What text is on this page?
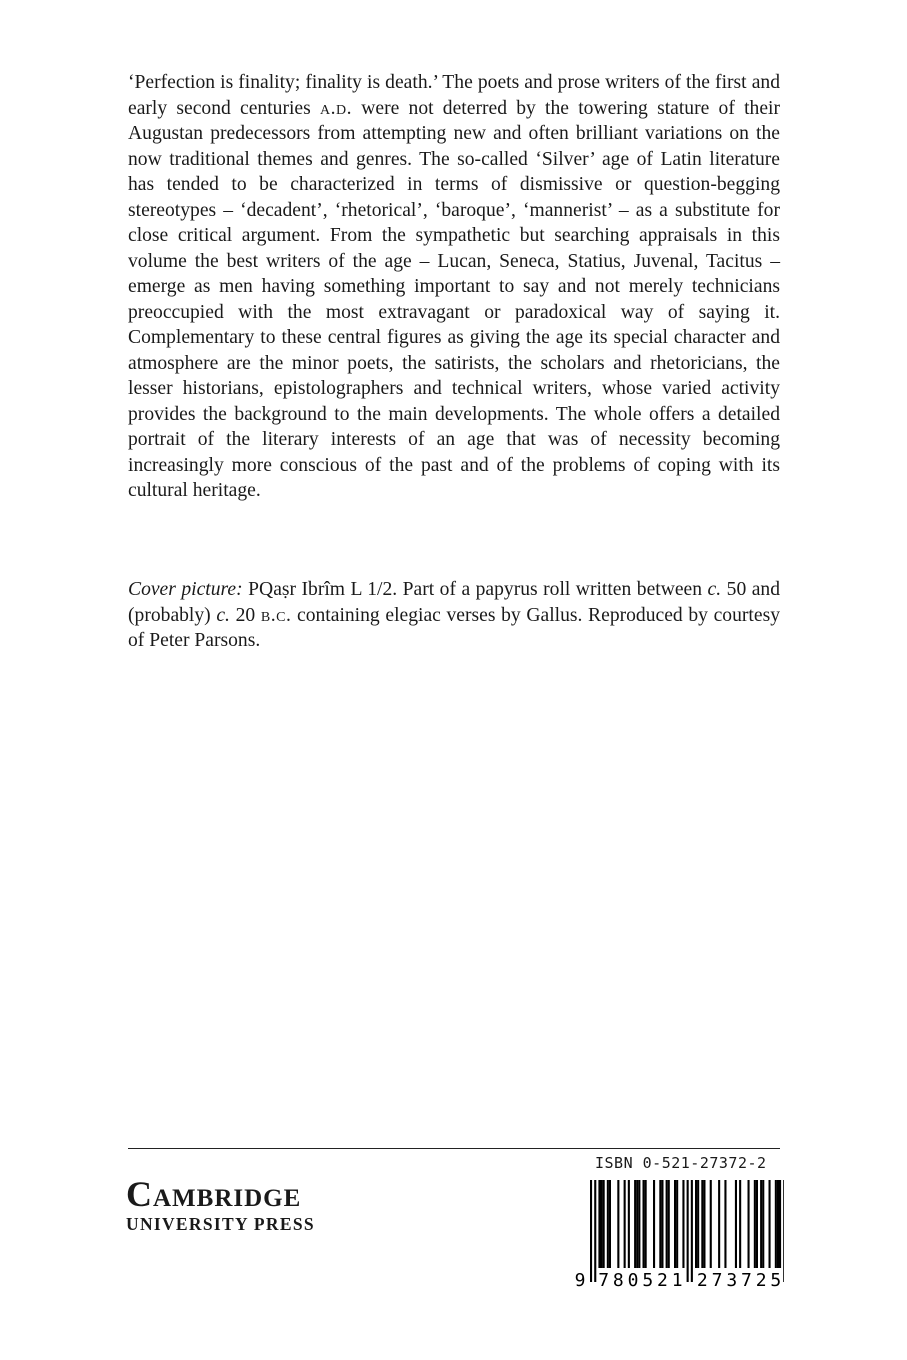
‘Perfection is finality; finality is death.’ The poets and prose writers of the first and early second centuries a.d. were not deterred by the towering stature of their Augustan predecessors from attempting new and often brilliant variations on the now traditional themes and genres. The so-called ‘Silver’ age of Latin literature has tended to be characterized in terms of dismissive or question-begging stereotypes – ‘decadent’, ‘rhetorical’, ‘baroque’, ‘mannerist’ – as a substitute for close critical argument. From the sympathetic but searching appraisals in this volume the best writers of the age – Lucan, Seneca, Statius, Juvenal, Tacitus – emerge as men having something important to say and not merely technicians preoccupied with the most extravagant or paradoxical way of saying it. Complementary to these central figures as giving the age its special character and atmosphere are the minor poets, the satirists, the scholars and rhetoricians, the lesser historians, epistolographers and technical writers, whose varied activity provides the background to the main developments. The whole offers a detailed portrait of the literary interests of an age that was of necessity becoming increasingly more conscious of the past and of the problems of coping with its cultural heritage.

Cover picture: PQaṣr Ibrîm L 1/2. Part of a papyrus roll written between c. 50 and (probably) c. 20 b.c. containing elegiac verses by Gallus. Reproduced by courtesy of Peter Parsons.

Cambridge
UNIVERSITY PRESS
ISBN 0-521-27372-2
9 7 8 0 5 2 1 2 7 3 7 2 5
